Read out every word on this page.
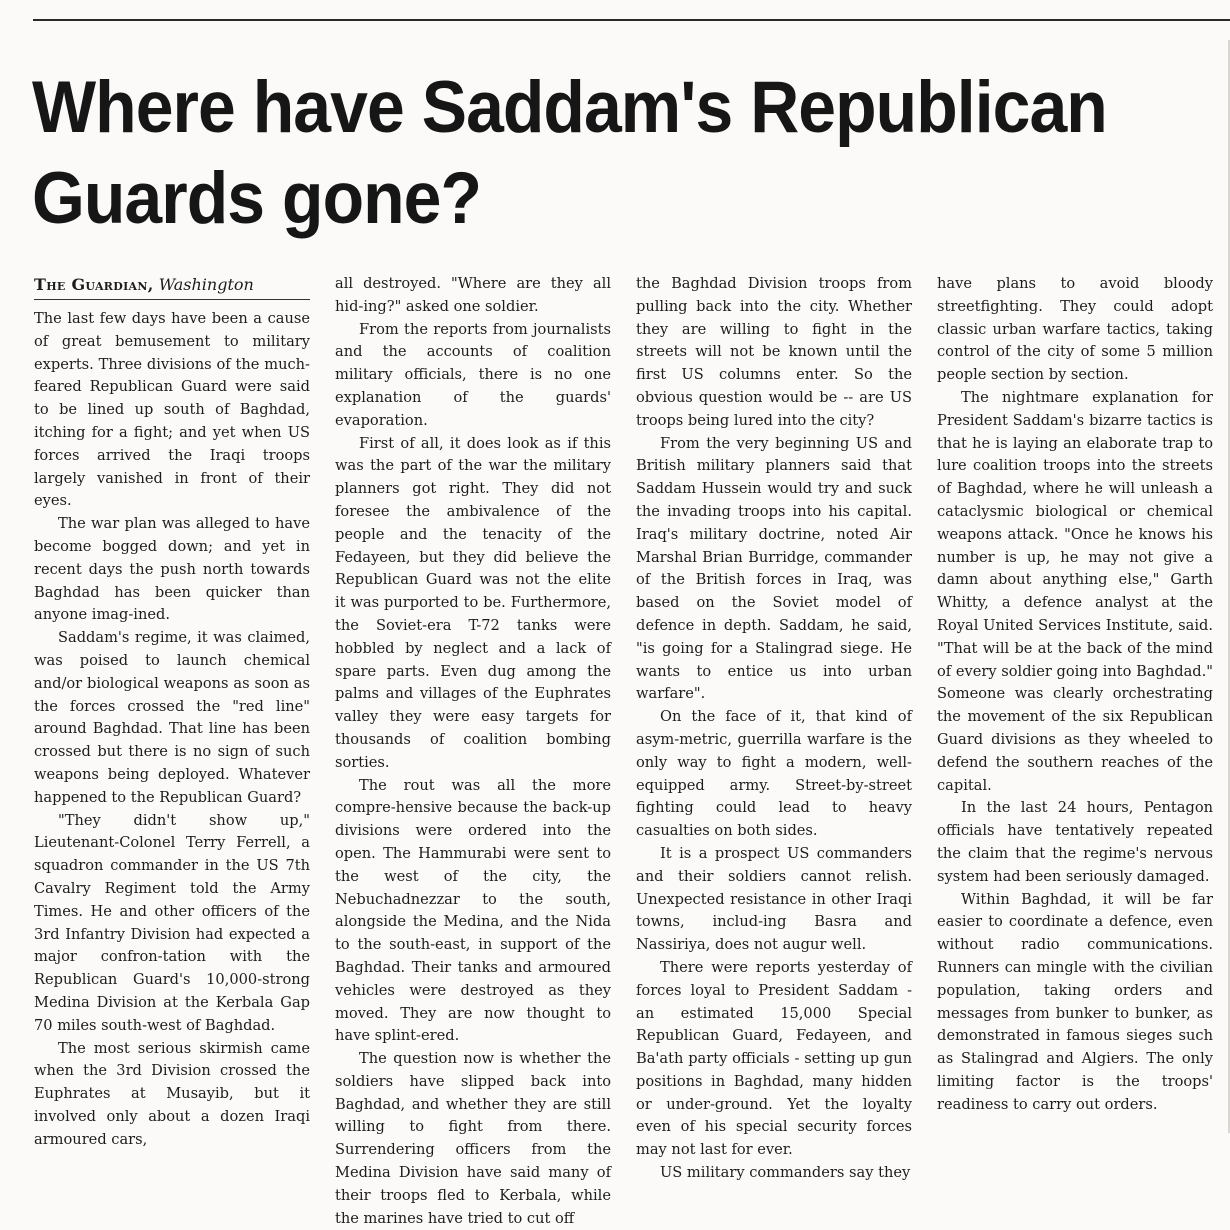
Where have Saddam's Republican Guards gone?
The Guardian, Washington

The last few days have been a cause of great bemusement to military experts. Three divisions of the much-feared Republican Guard were said to be lined up south of Baghdad, itching for a fight; and yet when US forces arrived the Iraqi troops largely vanished in front of their eyes.

The war plan was alleged to have become bogged down; and yet in recent days the push north towards Baghdad has been quicker than anyone imag-ined.

Saddam's regime, it was claimed, was poised to launch chemical and/or biological weapons as soon as the forces crossed the "red line" around Baghdad. That line has been crossed but there is no sign of such weapons being deployed. Whatever happened to the Republican Guard?

"They didn't show up," Lieutenant-Colonel Terry Ferrell, a squadron commander in the US 7th Cavalry Regiment told the Army Times. He and other officers of the 3rd Infantry Division had expected a major confron-tation with the Republican Guard's 10,000-strong Medina Division at the Kerbala Gap 70 miles south-west of Baghdad.

The most serious skirmish came when the 3rd Division crossed the Euphrates at Musayib, but it involved only about a dozen Iraqi armoured cars,

all destroyed. "Where are they all hid-ing?" asked one soldier.

From the reports from journalists and the accounts of coalition military officials, there is no one explanation of the guards' evaporation.

First of all, it does look as if this was the part of the war the military planners got right. They did not foresee the ambivalence of the people and the tenacity of the Fedayeen, but they did believe the Republican Guard was not the elite it was purported to be. Furthermore, the Soviet-era T-72 tanks were hobbled by neglect and a lack of spare parts. Even dug among the palms and villages of the Euphrates valley they were easy targets for thousands of coalition bombing sorties.

The rout was all the more compre-hensive because the back-up divisions were ordered into the open. The Hammurabi were sent to the west of the city, the Nebuchadnezzar to the south, alongside the Medina, and the Nida to the south-east, in support of the Baghdad. Their tanks and armoured vehicles were destroyed as they moved. They are now thought to have splint-ered.

The question now is whether the soldiers have slipped back into Baghdad, and whether they are still willing to fight from there. Surrendering officers from the Medina Division have said many of their troops fled to Kerbala, while the marines have tried to cut off

the Baghdad Division troops from pulling back into the city. Whether they are willing to fight in the streets will not be known until the first US columns enter. So the obvious question would be -- are US troops being lured into the city?

From the very beginning US and British military planners said that Saddam Hussein would try and suck the invading troops into his capital. Iraq's military doctrine, noted Air Marshal Brian Burridge, commander of the British forces in Iraq, was based on the Soviet model of defence in depth. Saddam, he said, "is going for a Stalingrad siege. He wants to entice us into urban warfare".

On the face of it, that kind of asym-metric, guerrilla warfare is the only way to fight a modern, well-equipped army. Street-by-street fighting could lead to heavy casualties on both sides.

It is a prospect US commanders and their soldiers cannot relish. Unexpected resistance in other Iraqi towns, includ-ing Basra and Nassiriya, does not augur well.

There were reports yesterday of forces loyal to President Saddam - an estimated 15,000 Special Republican Guard, Fedayeen, and Ba'ath party officials - setting up gun positions in Baghdad, many hidden or under-ground. Yet the loyalty even of his special security forces may not last for ever.

US military commanders say they

have plans to avoid bloody streetfighting. They could adopt classic urban warfare tactics, taking control of the city of some 5 million people section by section.

The nightmare explanation for President Saddam's bizarre tactics is that he is laying an elaborate trap to lure coalition troops into the streets of Baghdad, where he will unleash a cataclysmic biological or chemical weapons attack. "Once he knows his number is up, he may not give a damn about anything else," Garth Whitty, a defence analyst at the Royal United Services Institute, said. "That will be at the back of the mind of every soldier going into Baghdad." Someone was clearly orchestrating the movement of the six Republican Guard divisions as they wheeled to defend the southern reaches of the capital.

In the last 24 hours, Pentagon officials have tentatively repeated the claim that the regime's nervous system had been seriously damaged.

Within Baghdad, it will be far easier to coordinate a defence, even without radio communications. Runners can mingle with the civilian population, taking orders and messages from bunker to bunker, as demonstrated in famous sieges such as Stalingrad and Algiers. The only limiting factor is the troops' readiness to carry out orders.
